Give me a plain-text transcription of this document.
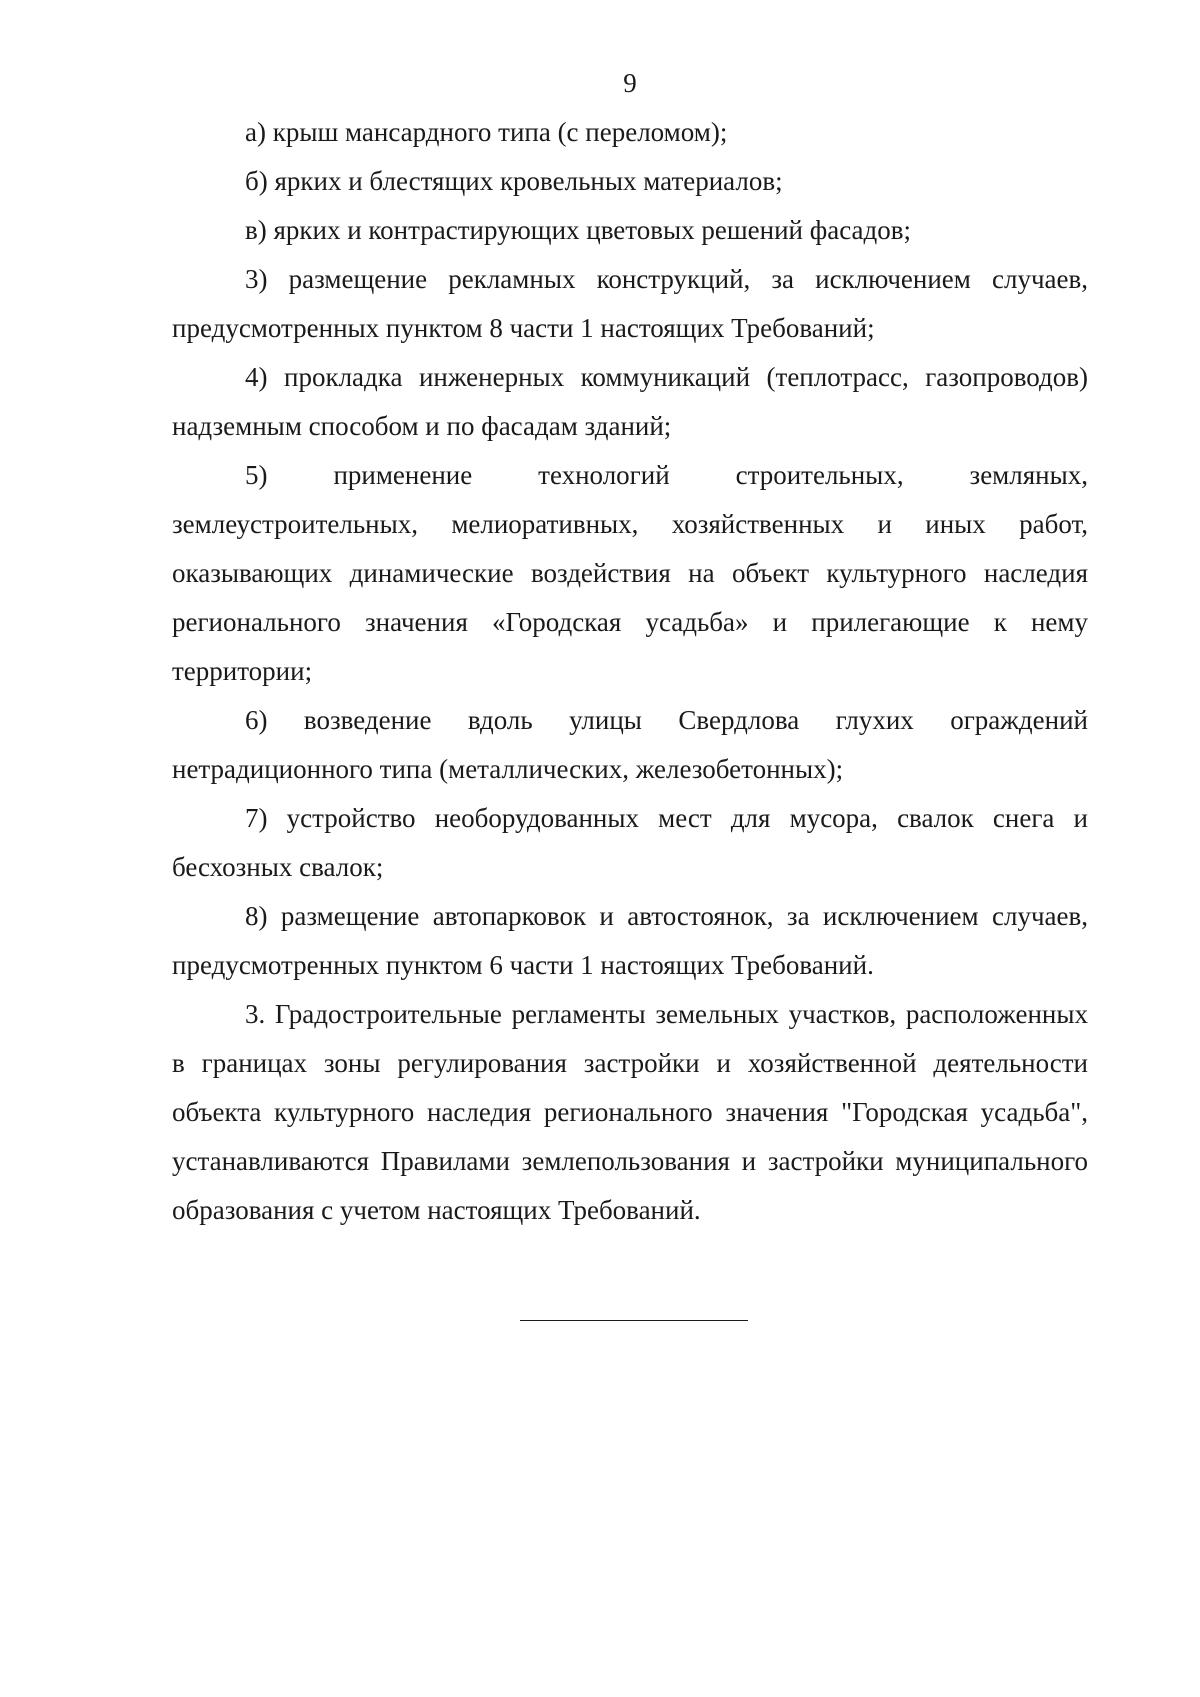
9

а) крыш мансардного типа (с переломом);

б) ярких и блестящих кровельных материалов;

в) ярких и контрастирующих цветовых решений фасадов;

3) размещение рекламных конструкций, за исключением случаев, предусмотренных пунктом 8 части 1 настоящих Требований;

4) прокладка инженерных коммуникаций (теплотрасс, газопроводов) надземным способом и по фасадам зданий;

5) применение технологий строительных, земляных, землеустроительных, мелиоративных, хозяйственных и иных работ, оказывающих динамические воздействия на объект культурного наследия регионального значения «Городская усадьба» и прилегающие к нему территории;

6) возведение вдоль улицы Свердлова глухих ограждений нетрадиционного типа (металлических, железобетонных);

7) устройство необорудованных мест для мусора, свалок снега и бесхозных свалок;

8) размещение автопарковок и автостоянок, за исключением случаев, предусмотренных пунктом 6 части 1 настоящих Требований.

3. Градостроительные регламенты земельных участков, расположенных в границах зоны регулирования застройки и хозяйственной деятельности объекта культурного наследия регионального значения "Городская усадьба", устанавливаются Правилами землепользования и застройки муниципального образования с учетом настоящих Требований.
